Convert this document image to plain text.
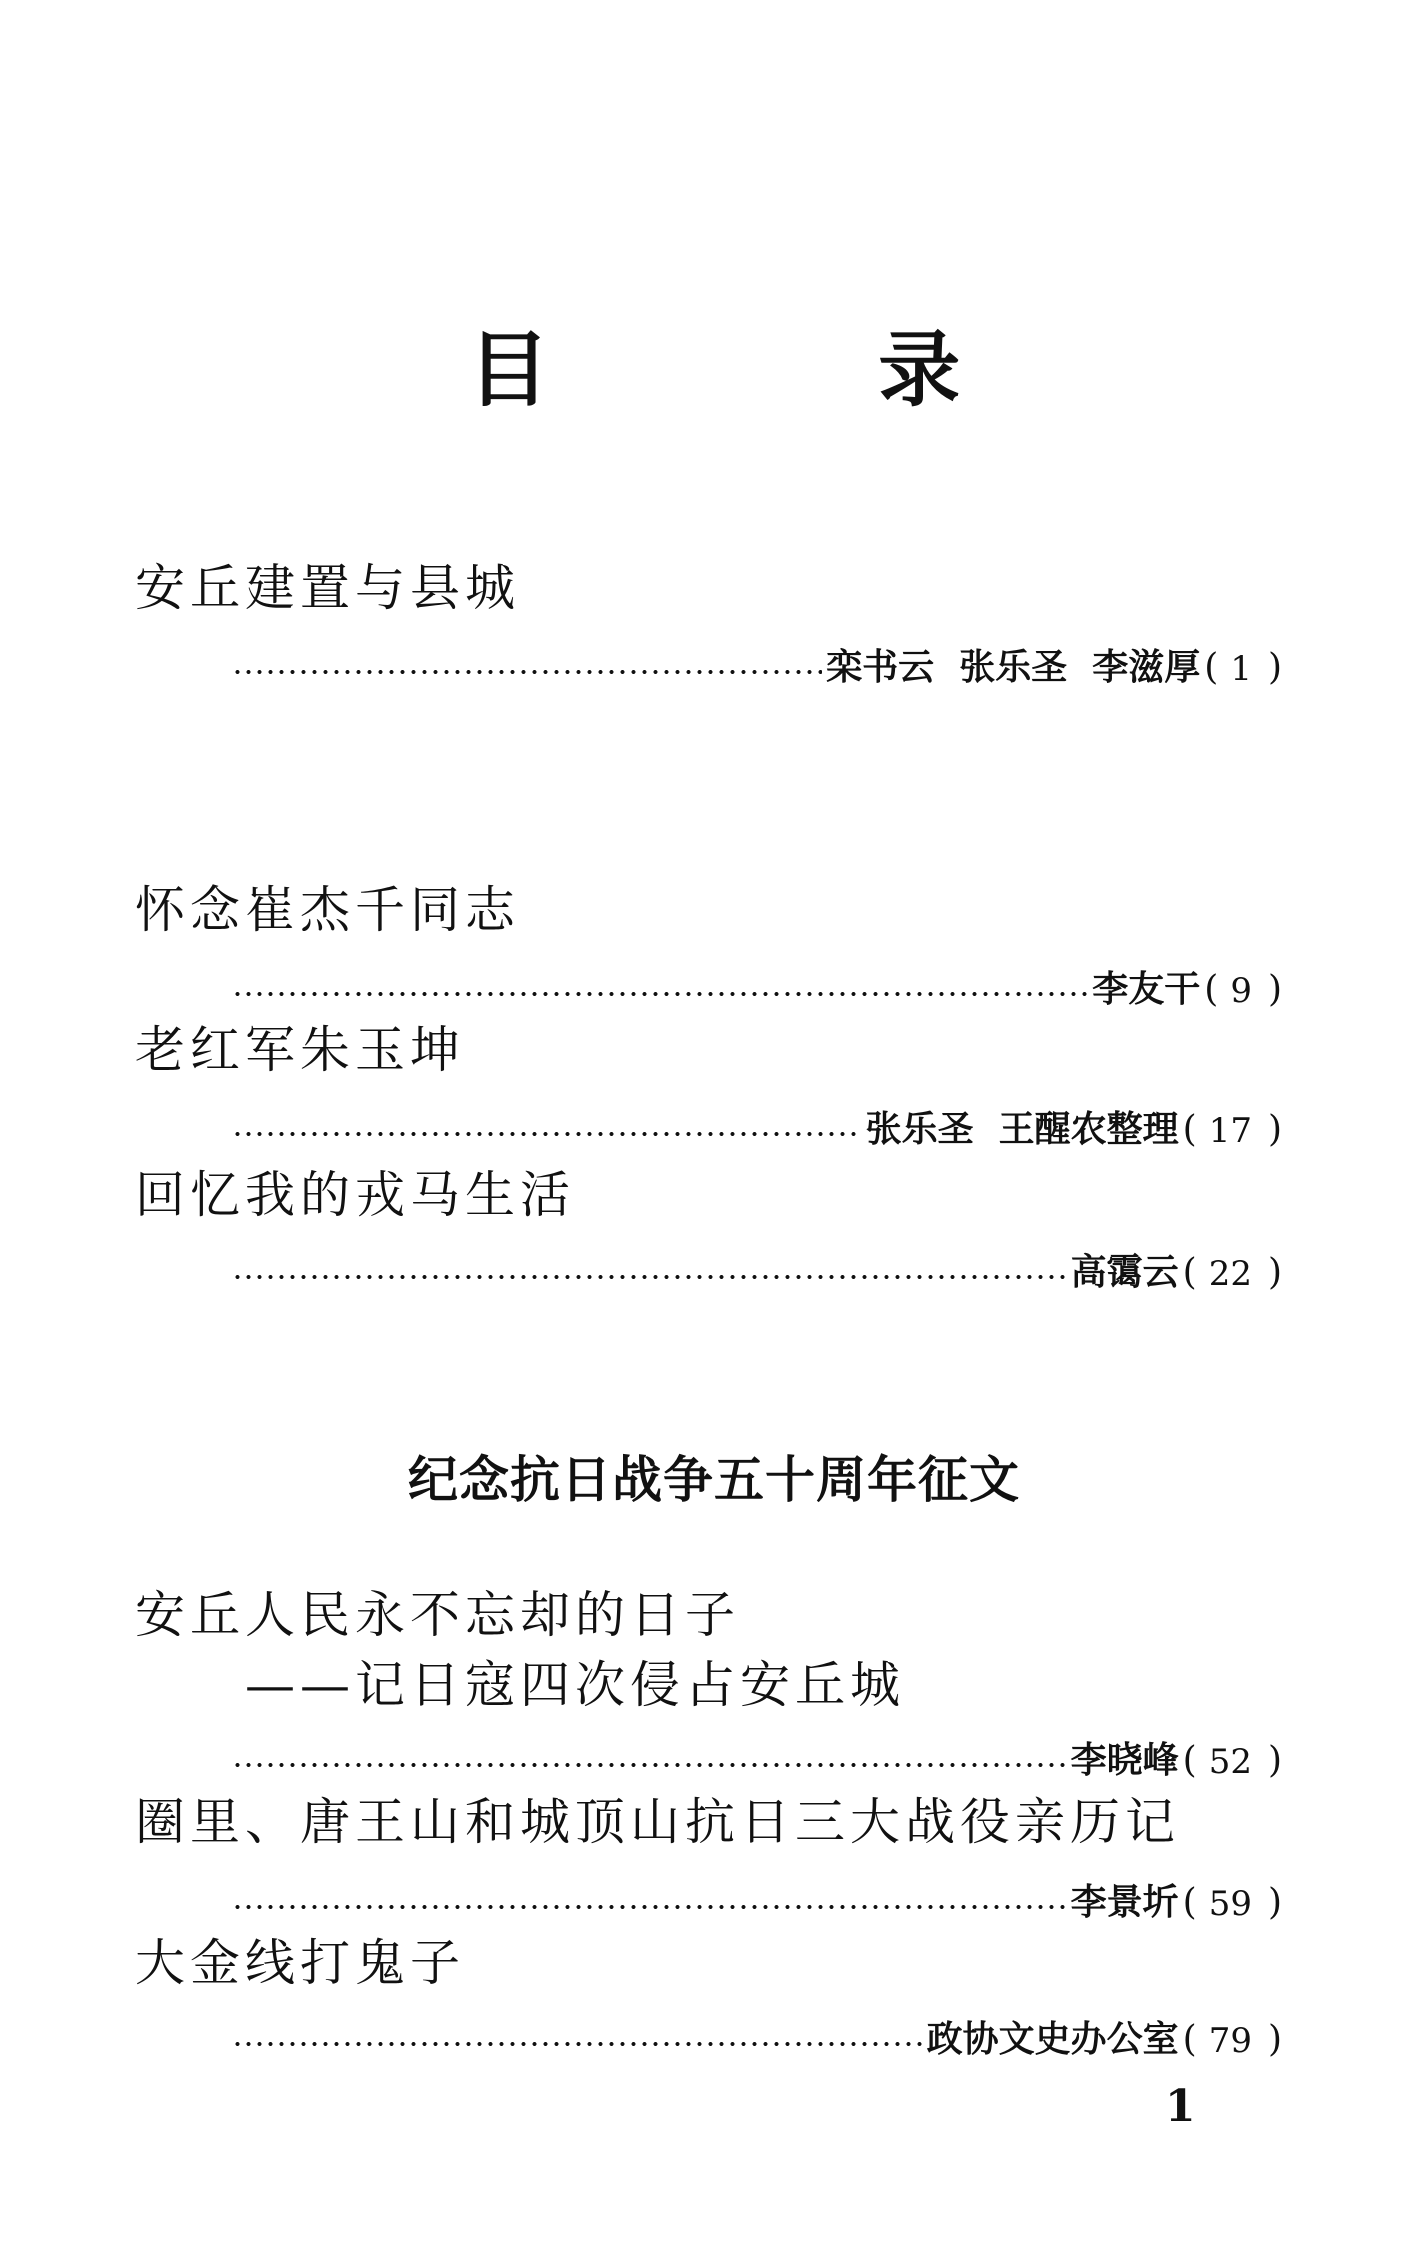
目 录
安丘建置与县城
栾书云  张乐圣  李滋厚 ( 1 )
怀念崔杰千同志
李友干 ( 9 )
老红军朱玉坤
张乐圣  王醒农整理 ( 17 )
回忆我的戎马生活
高霭云 ( 22 )
纪念抗日战争五十周年征文
安丘人民永不忘却的日子
——记日寇四次侵占安丘城
李晓峰 ( 52 )
圈里、唐王山和城顶山抗日三大战役亲历记
李景圻 ( 59 )
大金线打鬼子
政协文史办公室 ( 79 )
1
